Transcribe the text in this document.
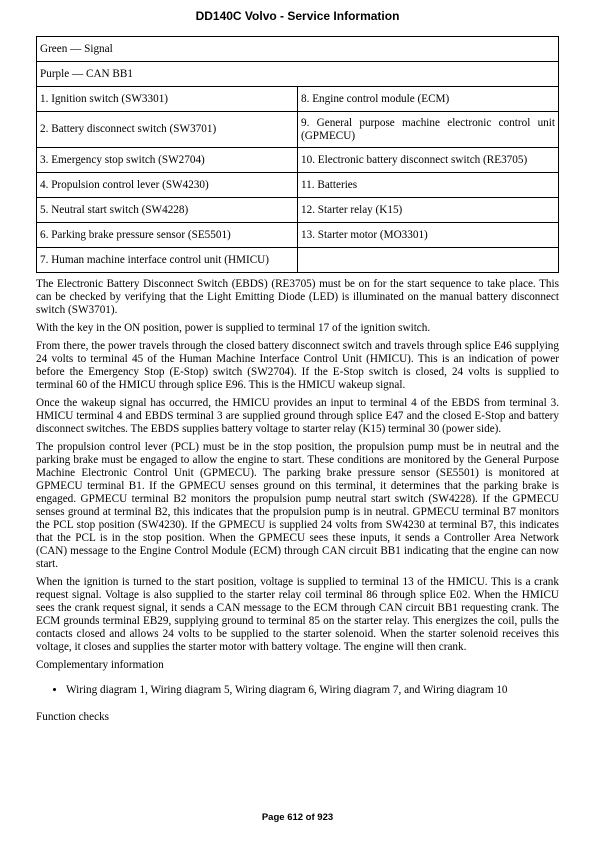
DD140C Volvo - Service Information
Green — Signal	
Purple — CAN BB1	
1. Ignition switch (SW3301)	8. Engine control module (ECM)
2. Battery disconnect switch (SW3701)	9. General purpose machine electronic control unit (GPMECU)
3. Emergency stop switch (SW2704)	10. Electronic battery disconnect switch (RE3705)
4. Propulsion control lever (SW4230)	11. Batteries
5. Neutral start switch (SW4228)	12. Starter relay (K15)
6. Parking brake pressure sensor (SE5501)	13. Starter motor (MO3301)
7. Human machine interface control unit (HMICU)	

The Electronic Battery Disconnect Switch (EBDS) (RE3705) must be on for the start sequence to take place. This can be checked by verifying that the Light Emitting Diode (LED) is illuminated on the manual battery disconnect switch (SW3701).

With the key in the ON position, power is supplied to terminal 17 of the ignition switch.

From there, the power travels through the closed battery disconnect switch and travels through splice E46 supplying 24 volts to terminal 45 of the Human Machine Interface Control Unit (HMICU). This is an indication of power before the Emergency Stop (E-Stop) switch (SW2704). If the E-Stop switch is closed, 24 volts is supplied to terminal 60 of the HMICU through splice E96. This is the HMICU wakeup signal.

Once the wakeup signal has occurred, the HMICU provides an input to terminal 4 of the EBDS from terminal 3. HMICU terminal 4 and EBDS terminal 3 are supplied ground through splice E47 and the closed E-Stop and battery disconnect switches. The EBDS supplies battery voltage to starter relay (K15) terminal 30 (power side).

The propulsion control lever (PCL) must be in the stop position, the propulsion pump must be in neutral and the parking brake must be engaged to allow the engine to start. These conditions are monitored by the General Purpose Machine Electronic Control Unit (GPMECU). The parking brake pressure sensor (SE5501) is monitored at GPMECU terminal B1. If the GPMECU senses ground on this terminal, it determines that the parking brake is engaged. GPMECU terminal B2 monitors the propulsion pump neutral start switch (SW4228). If the GPMECU senses ground at terminal B2, this indicates that the propulsion pump is in neutral. GPMECU terminal B7 monitors the PCL stop position (SW4230). If the GPMECU is supplied 24 volts from SW4230 at terminal B7, this indicates that the PCL is in the stop position. When the GPMECU sees these inputs, it sends a Controller Area Network (CAN) message to the Engine Control Module (ECM) through CAN circuit BB1 indicating that the engine can now start.

When the ignition is turned to the start position, voltage is supplied to terminal 13 of the HMICU. This is a crank request signal. Voltage is also supplied to the starter relay coil terminal 86 through splice E02. When the HMICU sees the crank request signal, it sends a CAN message to the ECM through CAN circuit BB1 requesting crank. The ECM grounds terminal EB29, supplying ground to terminal 85 on the starter relay. This energizes the coil, pulls the contacts closed and allows 24 volts to be supplied to the starter solenoid. When the starter solenoid receives this voltage, it closes and supplies the starter motor with battery voltage. The engine will then crank.

Complementary information

• Wiring diagram 1, Wiring diagram 5, Wiring diagram 6, Wiring diagram 7, and Wiring diagram 10

Function checks

Page 612 of 923
